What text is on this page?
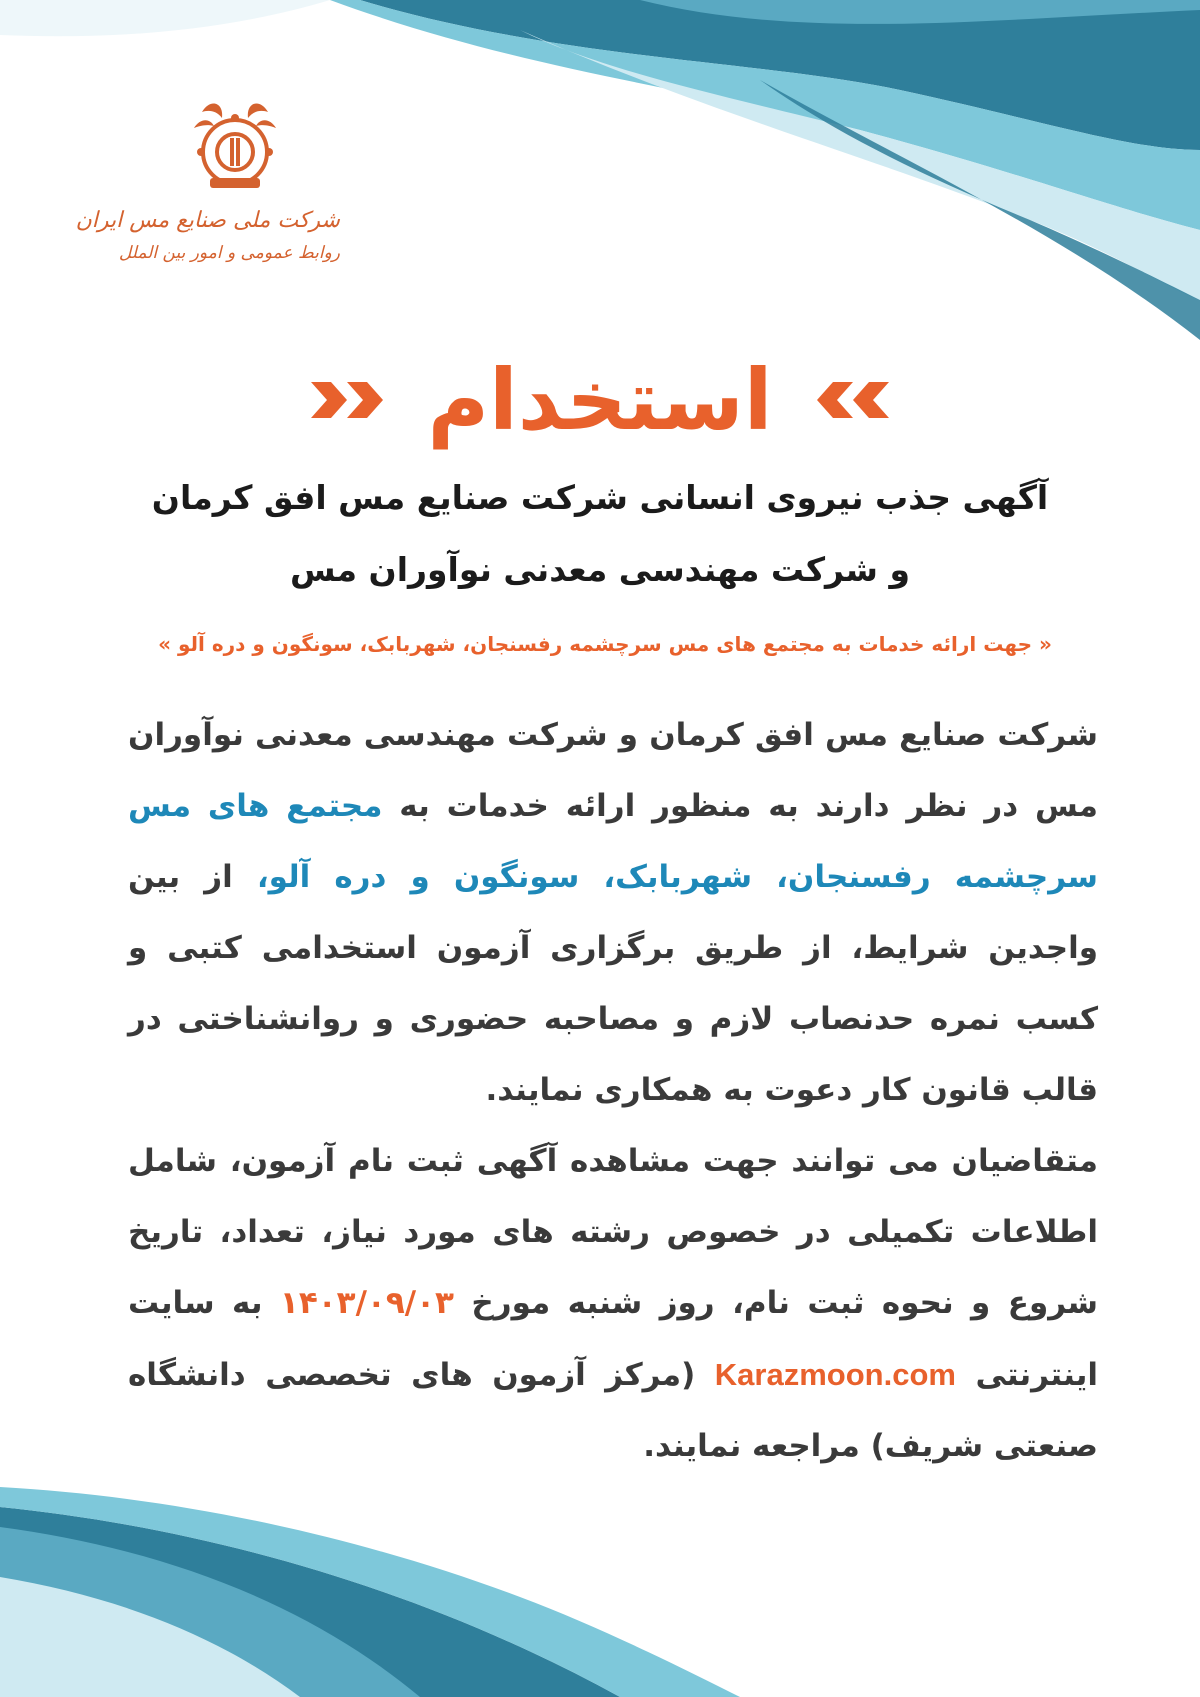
شرکت ملی صنایع مس ایران
روابط عمومی و امور بین الملل
استخدام
آگهی جذب نیروی انسانی شرکت صنایع مس افق کرمان
و شرکت مهندسی معدنی نوآوران مس
« جهت ارائه خدمات به مجتمع های مس سرچشمه رفسنجان، شهربابک، سونگون و دره آلو »

شرکت صنایع مس افق کرمان و شرکت مهندسی معدنی نوآوران مس در نظر دارند به منظور ارائه خدمات به مجتمع های مس سرچشمه رفسنجان، شهربابک، سونگون و دره آلو، از بین واجدین شرایط، از طریق برگزاری آزمون استخدامی کتبی و کسب نمره حدنصاب لازم و مصاحبه حضوری و روانشناختی در قالب قانون کار دعوت به همکاری نمایند.

متقاضیان می توانند جهت مشاهده آگهی ثبت نام آزمون، شامل اطلاعات تکمیلی در خصوص رشته های مورد نیاز، تعداد، تاریخ شروع و نحوه ثبت نام، روز شنبه مورخ ۱۴۰۳/۰۹/۰۳ به سایت اینترنتی Karazmoon.com (مرکز آزمون های تخصصی دانشگاه صنعتی شریف) مراجعه نمایند.
